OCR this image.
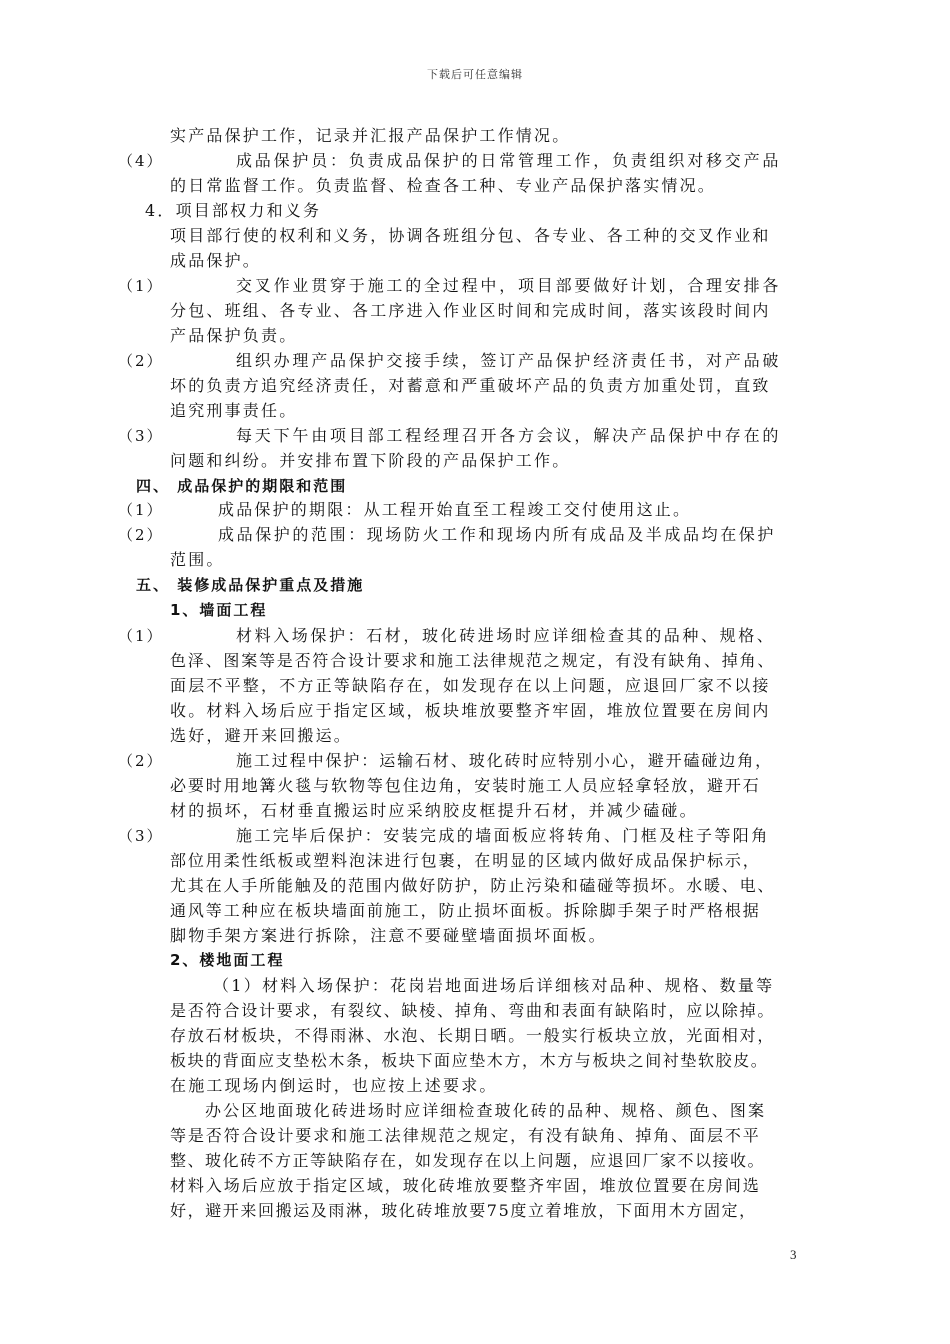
下载后可任意编辑
实产品保护工作，记录并汇报产品保护工作情况。
（4）	成品保护员：负责成品保护的日常管理工作，负责组织对移交产品
的日常监督工作。负责监督、检查各工种、专业产品保护落实情况。
4．项目部权力和义务
项目部行使的权利和义务，协调各班组分包、各专业、各工种的交叉作业和
成品保护。
（1）	交叉作业贯穿于施工的全过程中，项目部要做好计划，合理安排各
分包、班组、各专业、各工序进入作业区时间和完成时间，落实该段时间内
产品保护负责。
（2）	组织办理产品保护交接手续，签订产品保护经济责任书，对产品破
坏的负责方追究经济责任，对蓄意和严重破坏产品的负责方加重处罚，直致
追究刑事责任。
（3）	每天下午由项目部工程经理召开各方会议，解决产品保护中存在的
问题和纠纷。并安排布置下阶段的产品保护工作。
四、 成品保护的期限和范围
（1）	成品保护的期限：从工程开始直至工程竣工交付使用这止。
（2）	成品保护的范围：现场防火工作和现场内所有成品及半成品均在保护
范围。
五、 装修成品保护重点及措施
1、墙面工程
（1）	材料入场保护：石材，玻化砖进场时应详细检查其的品种、规格、
色泽、图案等是否符合设计要求和施工法律规范之规定，有没有缺角、掉角、
面层不平整，不方正等缺陷存在，如发现存在以上问题，应退回厂家不以接
收。材料入场后应于指定区域，板块堆放要整齐牢固，堆放位置要在房间内
选好，避开来回搬运。
（2）	施工过程中保护：运输石材、玻化砖时应特别小心，避开磕碰边角，
必要时用地篝火毯与软物等包住边角，安装时施工人员应轻拿轻放，避开石
材的损坏，石材垂直搬运时应采纳胶皮框提升石材，并减少磕碰。
（3）	施工完毕后保护：安装完成的墙面板应将转角、门框及柱子等阳角
部位用柔性纸板或塑料泡沫进行包裹，在明显的区域内做好成品保护标示，
尤其在人手所能触及的范围内做好防护，防止污染和磕碰等损坏。水暖、电、
通风等工种应在板块墙面前施工，防止损坏面板。拆除脚手架子时严格根据
脚物手架方案进行拆除，注意不要碰壁墙面损坏面板。
2、楼地面工程
（1）材料入场保护：花岗岩地面进场后详细核对品种、规格、数量等
是否符合设计要求，有裂纹、缺棱、掉角、弯曲和表面有缺陷时，应以除掉。
存放石材板块，不得雨淋、水泡、长期日晒。一般实行板块立放，光面相对，
板块的背面应支垫松木条，板块下面应垫木方，木方与板块之间衬垫软胶皮。
在施工现场内倒运时，也应按上述要求。
办公区地面玻化砖进场时应详细检查玻化砖的品种、规格、颜色、图案
等是否符合设计要求和施工法律规范之规定，有没有缺角、掉角、面层不平
整、玻化砖不方正等缺陷存在，如发现存在以上问题，应退回厂家不以接收。
材料入场后应放于指定区域，玻化砖堆放要整齐牢固，堆放位置要在房间选
好，避开来回搬运及雨淋，玻化砖堆放要75度立着堆放，下面用木方固定，
3
